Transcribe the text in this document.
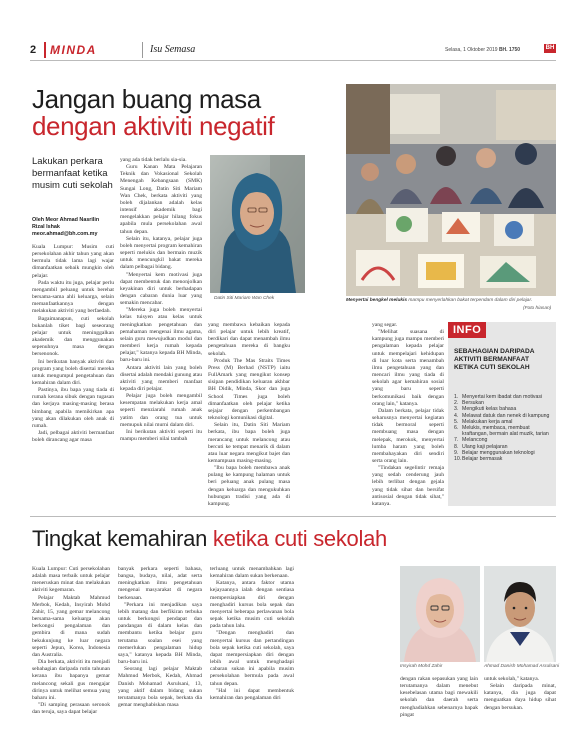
2 MINDA	Isu Semasa	Selasa, 1 Oktober 2019 BH. 1750	BH
Jangan buang masa
dengan aktiviti negatif
Lakukan perkara bermanfaat ketika musim cuti sekolah
Oleh Meor Ahmad Nasrilin Rizal Ishak
meor.ahmad@bh.com.my

Kuala Lumpur: Musim cuti persekolahan akhir tahun yang akan bermula tidak lama lagi wajar dimanfaatkan sebaik mungkin oleh pelajar.

Pada waktu itu juga, pelajar perlu mengambil peluang untuk berehat bersama-sama ahli keluarga, selain memanfaatkannya dengan melakukan aktiviti yang berfaedah.

Bagaimanapun, cuti sekolah bukanlah tiket bagi seseorang pelajar untuk meninggalkan akademik dan menggunakan sepenuhnya masa dengan bersenonok.

Ini berikutan banyak aktiviti dan program yang boleh disertai mereka untuk mengumpul pengetahuan dan kemahiran dalam diri.

Pastinya, ibu bapa yang tiada di rumah kerana sibuk dengan tugasan dan kerjaya masing-masing berasa bimbang apabila memikirkan apa yang akan dilakukan oleh anak di rumah.

Jadi, pelbagai aktiviti bermanfaat boleh dirancang agar masa

yang ada tidak berlalu sia-sia.

Guru Kanan Mata Pelajaran Teknik dan Vokasional Sekolah Menengah Kebangsaan (SMK) Sungai Long, Datin Siti Mariam Wan Chek, berkata aktiviti yang boleh dijalankan adalah kelas intensif akademik bagi mengelakkan pelajar hilang fokus apabila mula persekolahan awal tahun depan.

Selain itu, katanya, pelajar juga boleh menyertai program kemahiran seperti melukis dan bermain muzik untuk mencungkil bakat mereka dalam pelbagai bidang.

"Menyertai kem motivasi juga dapat membentuk dan menonjolkan keyakinan diri untuk berhadapan dengan cabaran dunia luar yang semakin mencabar.

"Mereka juga boleh menyertai kelas tuisyen atau kelas untuk meningkatkan pengetahuan dan pemahaman mengenai ilmu agama, selain guru mewujudkan modul dan memberi kerja rumah kepada pelajar," katanya kepada BH Minda, baru-baru ini.

Antara aktiviti lain yang boleh disertai adalah mendaki gunung atau aktiviti yang memberi manfaat kepada diri pelajar.

Pelajar juga boleh mengambil kesempatan melakukan kerja amal seperti menziarahi rumah anak yatim dan orang tua untuk memupuk nilai murni dalam diri.

Ini berikutan aktiviti seperti itu mampu memberi nilai tambah

yang membawa kebaikan kepada diri pelajar untuk lebih kreatif, berdikari dan dapat menambah ilmu pengetahuan mereka di bangku sekolah.

Produk The Mas Straits Times Press (M) Berhad (NSTP) iaitu FullAmark yang mengikut konsep sisipan pendidikan keluaran akhbar BH Didik, Minda, Skor dan juga School Times juga boleh dimanfaatkan oleh pelajar ketika sejajar dengan perkembangan teknologi komunikasi digital.

Selain itu, Datin Siti Mariam berkata, ibu bapa boleh juga merancang untuk melancong atau bercuti ke tempat menarik di dalam atau luar negara mengikut bajet dan kemampuan masing-masing.

"Ibu bapa boleh membawa anak pulang ke kampung halaman untuk beri peluang anak pulang masa dengan keluarga dan mengukuhkan hubungan tradisi yang ada di kampung.

yang segar.

"Melihat suasana di kampung juga mampu memberi pengalaman kepada pelajar untuk mempelajari kehidupan di luar kota serta menambah ilmu pengetahuan yang dan mencari ilmu yang tiada di sekolah agar kemahiran sosial yang baru seperti berkomunikasi baik dengan orang lain," katanya.

Dalam berkata, pelajar tidak seharusnya menyertai kegiatan tidak bermoral seperti membuang masa dengan melepak, merokok, menyertai lumba haram yang boleh membahayakan diri sendiri serta orang lain.

"Tindakan segelintir remaja yang sedah cenderung jauh lebih terlibat dengan gejala yang tidak sihat dan bersifat antisosial dengan tidak sihat," katanya.

Datin Siti Mariam Wan Chek	Menyertai bengkel melukis mampu menyerlahkan bakat terpendam dalam diri pelajar.
(Foto hiasan)
INFO
SEBAHAGIAN DARIPADA AKTIVITI BERMANFAAT KETIKA CUTI SEKOLAH
1. Menyertai kem ibadat dan motivasi
2. Bersukan
3. Mengikuti kelas bahasa
4. Melawat datuk dan nenek di kampung
5. Melakukan kerja amal
6. Melukis, membaca, membuat kraftangan, bermain alat muzik, tarian
7. Melancong
8. Ulang kaji pelajaran
9. Belajar menggunakan teknologi
10. Belajar bermasak
Tingkat kemahiran ketika cuti sekolah

Kuala Lumpur: Cuti persekolahan adalah masa terbaik untuk pelajar meneruskan minat dan melakukan aktiviti kegemaran.

Pelajar Maktab Mahmud Merbok, Kedah, Insyirah Mohd Zahir, 15, yang gemar melancong bersama-sama keluarga akan berkongsi pengalaman dan gembira di mana sudah bekukunjung ke luar negara seperti Jepun, Korea, Indonesia dan Australia.

Dia berkata, aktiviti itu menjadi sebahagian daripada rutin tahunan kerana ibu bapanya gemar melancong sekali gus mengajar dirinya untuk melihat semua yang baharu ini.

"Di samping perasaan seronok dan teruja, saya dapat belajar

banyak perkara seperti bahasa, bangsa, budaya, nilai, adat serta meningkatkan ilmu pengetahuan mengenai masyarakat di negara berkenaan.

"Perkara ini menjadikan saya lebih matang dan berfikiran terbuka untuk berkongsi pendapat dan pandangan di dalam kelas dan membantu ketika belajar guru terutama soalan esei yang memerlukan pengalaman hidup saya," katanya kepada BH Minda, baru-baru ini.

Seorang lagi pelajar Maktab Mahmud Merbok, Kedah, Ahmad Danish Mohamad Asrulsani, 13, yang aktif dalam bidang sukan terutamanya bola sepak, berkata dia gemar menghabiskan masa

terluang untuk menambahkan lagi kemahiran dalam sukan berkenaan.

Katanya, antara faktor utama kejayaannya ialah dengan sentiasa mempersiapkan diri dengan menghadiri kursus bola sepak dan menyertai beberapa perlawanan bola sepak ketika musim cuti sekolah pada tahun lalu.

"Dengan menghadiri dan menyertai kursus dan pertandingan bola sepak ketika cuti sekolah, saya dapat mempersiapkan diri dengan lebih awal untuk menghadapi cabaran sukan ini apabila musim persekolahan bermula pada awal tahun depan.

"Hal ini dapat membentuk kemahiran dan pengalaman diri

dengan rakan sepasukan yang lain terutamanya dalam menebut kesebelasan utama bagi mewakili sekolah dan daerah serta menghadiahkan sebenarnya bapak pingat

untuk sekolah," katanya.

Selain daripada minat, katanya, dia juga dapat menguatkan daya hidup sihat dengan bersukan.

Insyirah Mohd Zahir	Ahmad Danish Mohamad Asrulsani
